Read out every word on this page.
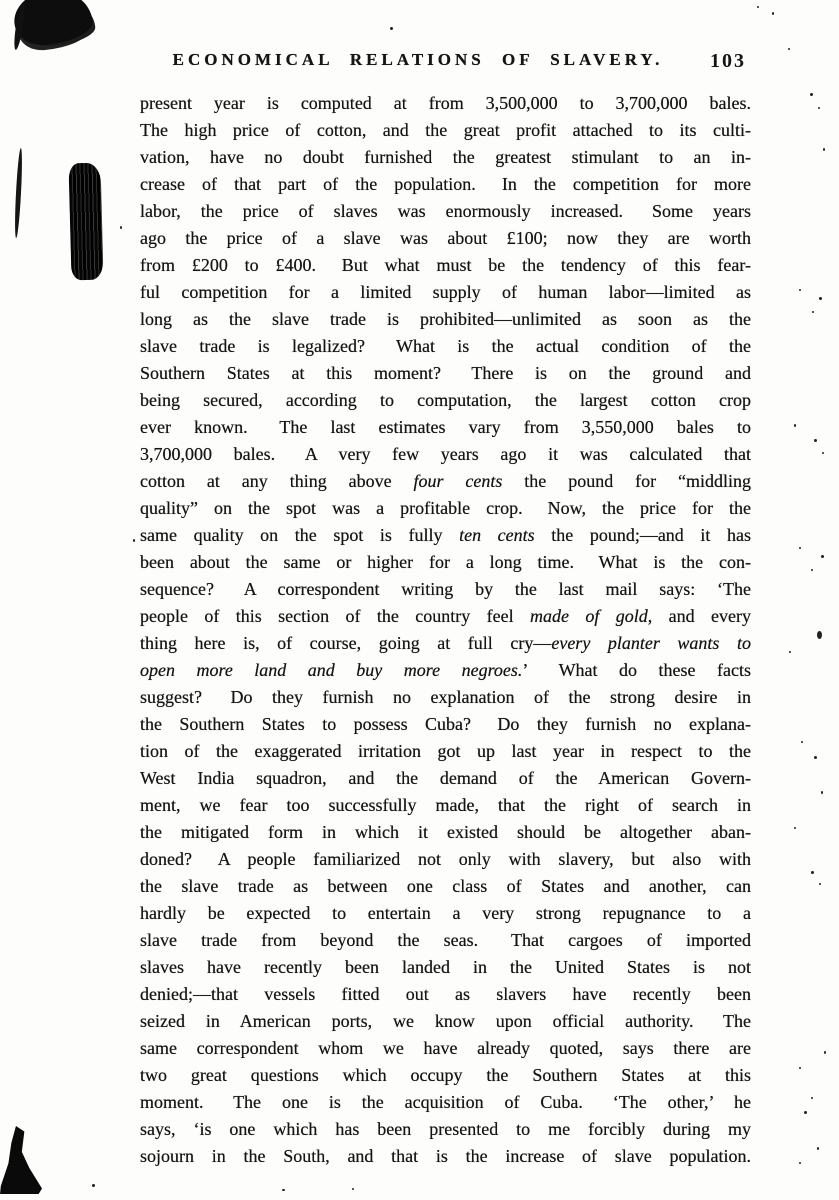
ECONOMICAL RELATIONS OF SLAVERY.	103
present year is computed at from 3,500,000 to 3,700,000 bales.
The high price of cotton, and the great profit attached to its culti-
vation, have no doubt furnished the greatest stimulant to an in-
crease of that part of the population.  In the competition for more
labor, the price of slaves was enormously increased.  Some years
ago the price of a slave was about £100; now they are worth
from £200 to £400.  But what must be the tendency of this fear-
ful competition for a limited supply of human labor—limited as
long as the slave trade is prohibited—unlimited as soon as the
slave trade is legalized?  What is the actual condition of the
Southern States at this moment?  There is on the ground and
being secured, according to computation, the largest cotton crop
ever known.  The last estimates vary from 3,550,000 bales to
3,700,000 bales.  A very few years ago it was calculated that
cotton at any thing above four cents the pound for “middling
quality” on the spot was a profitable crop.  Now, the price for the
same quality on the spot is fully ten cents the pound;—and it has
been about the same or higher for a long time.  What is the con-
sequence?  A correspondent writing by the last mail says: ‘The
people of this section of the country feel made of gold, and every
thing here is, of course, going at full cry—every planter wants to
open more land and buy more negroes.’  What do these facts
suggest?  Do they furnish no explanation of the strong desire in
the Southern States to possess Cuba?  Do they furnish no explana-
tion of the exaggerated irritation got up last year in respect to the
West India squadron, and the demand of the American Govern-
ment, we fear too successfully made, that the right of search in
the mitigated form in which it existed should be altogether aban-
doned?  A people familiarized not only with slavery, but also with
the slave trade as between one class of States and another, can
hardly be expected to entertain a very strong repugnance to a
slave trade from beyond the seas.  That cargoes of imported
slaves have recently been landed in the United States is not
denied;—that vessels fitted out as slavers have recently been
seized in American ports, we know upon official authority.  The
same correspondent whom we have already quoted, says there are
two great questions which occupy the Southern States at this
moment.  The one is the acquisition of Cuba.  ‘The other,’ he
says, ‘is one which has been presented to me forcibly during my
sojourn in the South, and that is the increase of slave population.
